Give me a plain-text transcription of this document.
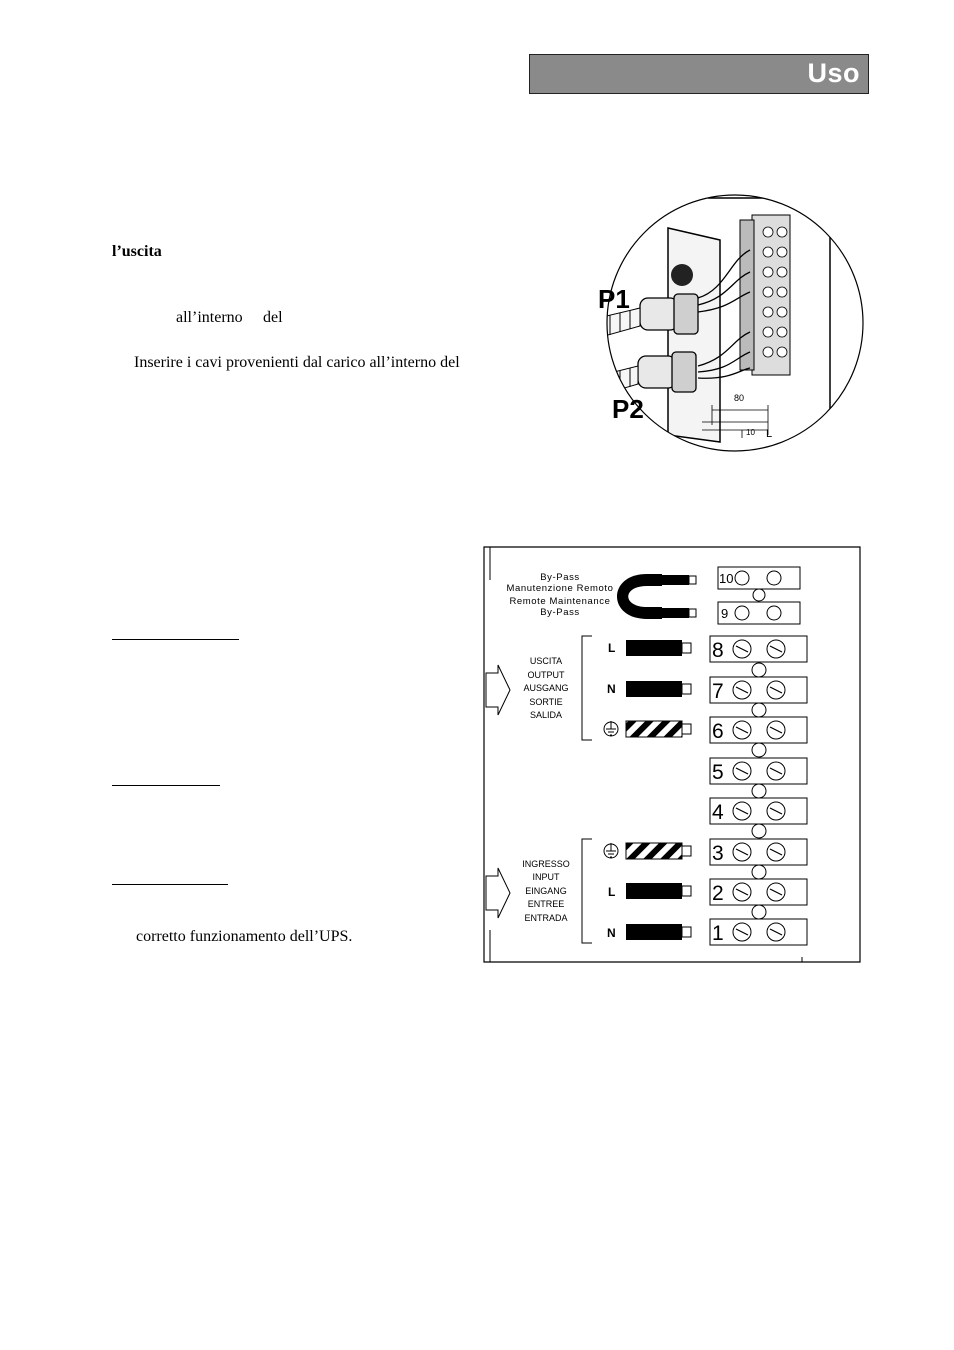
Uso
l’uscita
all’interno del
Inserire i cavi provenienti dal carico all’interno del
corretto funzionamento dell’UPS.
P1
P2	80
10 L
By-Pass
Manutenzione Remoto
Remote Maintenance
By-Pass
USCITA
OUTPUT
AUSGANG
SORTIE
SALIDA
L
N
INGRESSO
INPUT
EINGANG
ENTREE
ENTRADA
L
N
10
9
8
7
6
5
4
3
2
1
